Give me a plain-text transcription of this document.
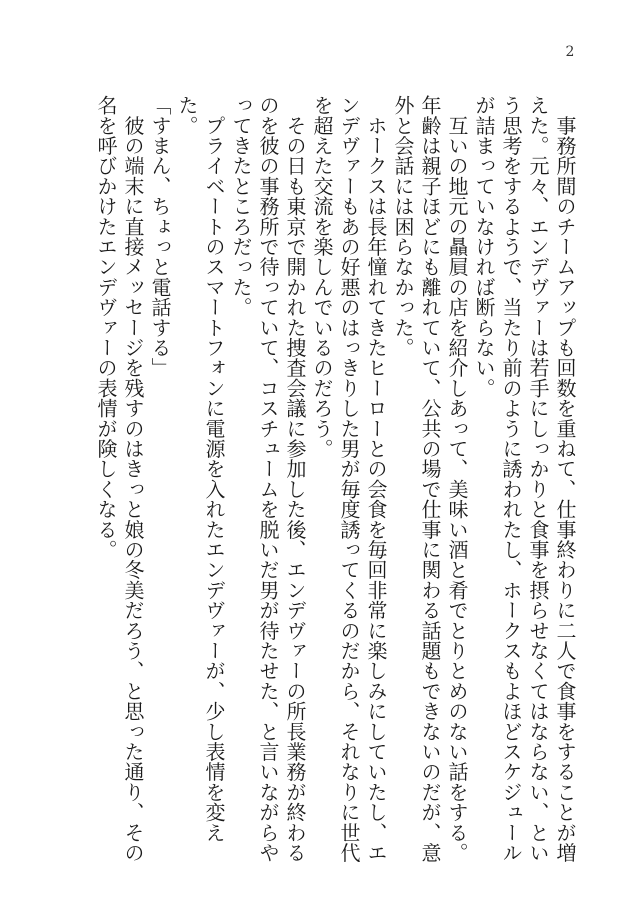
2

　事務所間のチームアップも回数を重ねて、仕事終わりに二人で食事をすることが増えた。元々、エンデヴァーは若手にしっかりと食事を摂らせなくてはならない、という思考をするようで、当たり前のように誘われたし、ホークスもよほどスケジュールが詰まっていなければ断らない。

　互いの地元の贔屓の店を紹介しあって、美味い酒と肴でとりとめのない話をする。年齢は親子ほどにも離れていて、公共の場で仕事に関わる話題もできないのだが、意外と会話には困らなかった。

　ホークスは長年憧れてきたヒーローとの会食を毎回非常に楽しみにしていたし、エンデヴァーもあの好悪のはっきりした男が毎度誘ってくるのだから、それなりに世代を超えた交流を楽しんでいるのだろう。

　その日も東京で開かれた捜査会議に参加した後、エンデヴァーの所長業務が終わるのを彼の事務所で待っていて、コスチュームを脱いだ男が待たせた、と言いながらやってきたところだった。

　プライベートのスマートフォンに電源を入れたエンデヴァーが、少し表情を変えた。

「すまん、ちょっと電話する」

　彼の端末に直接メッセージを残すのはきっと娘の冬美だろう、と思った通り、その名を呼びかけたエンデヴァーの表情が険しくなる。
